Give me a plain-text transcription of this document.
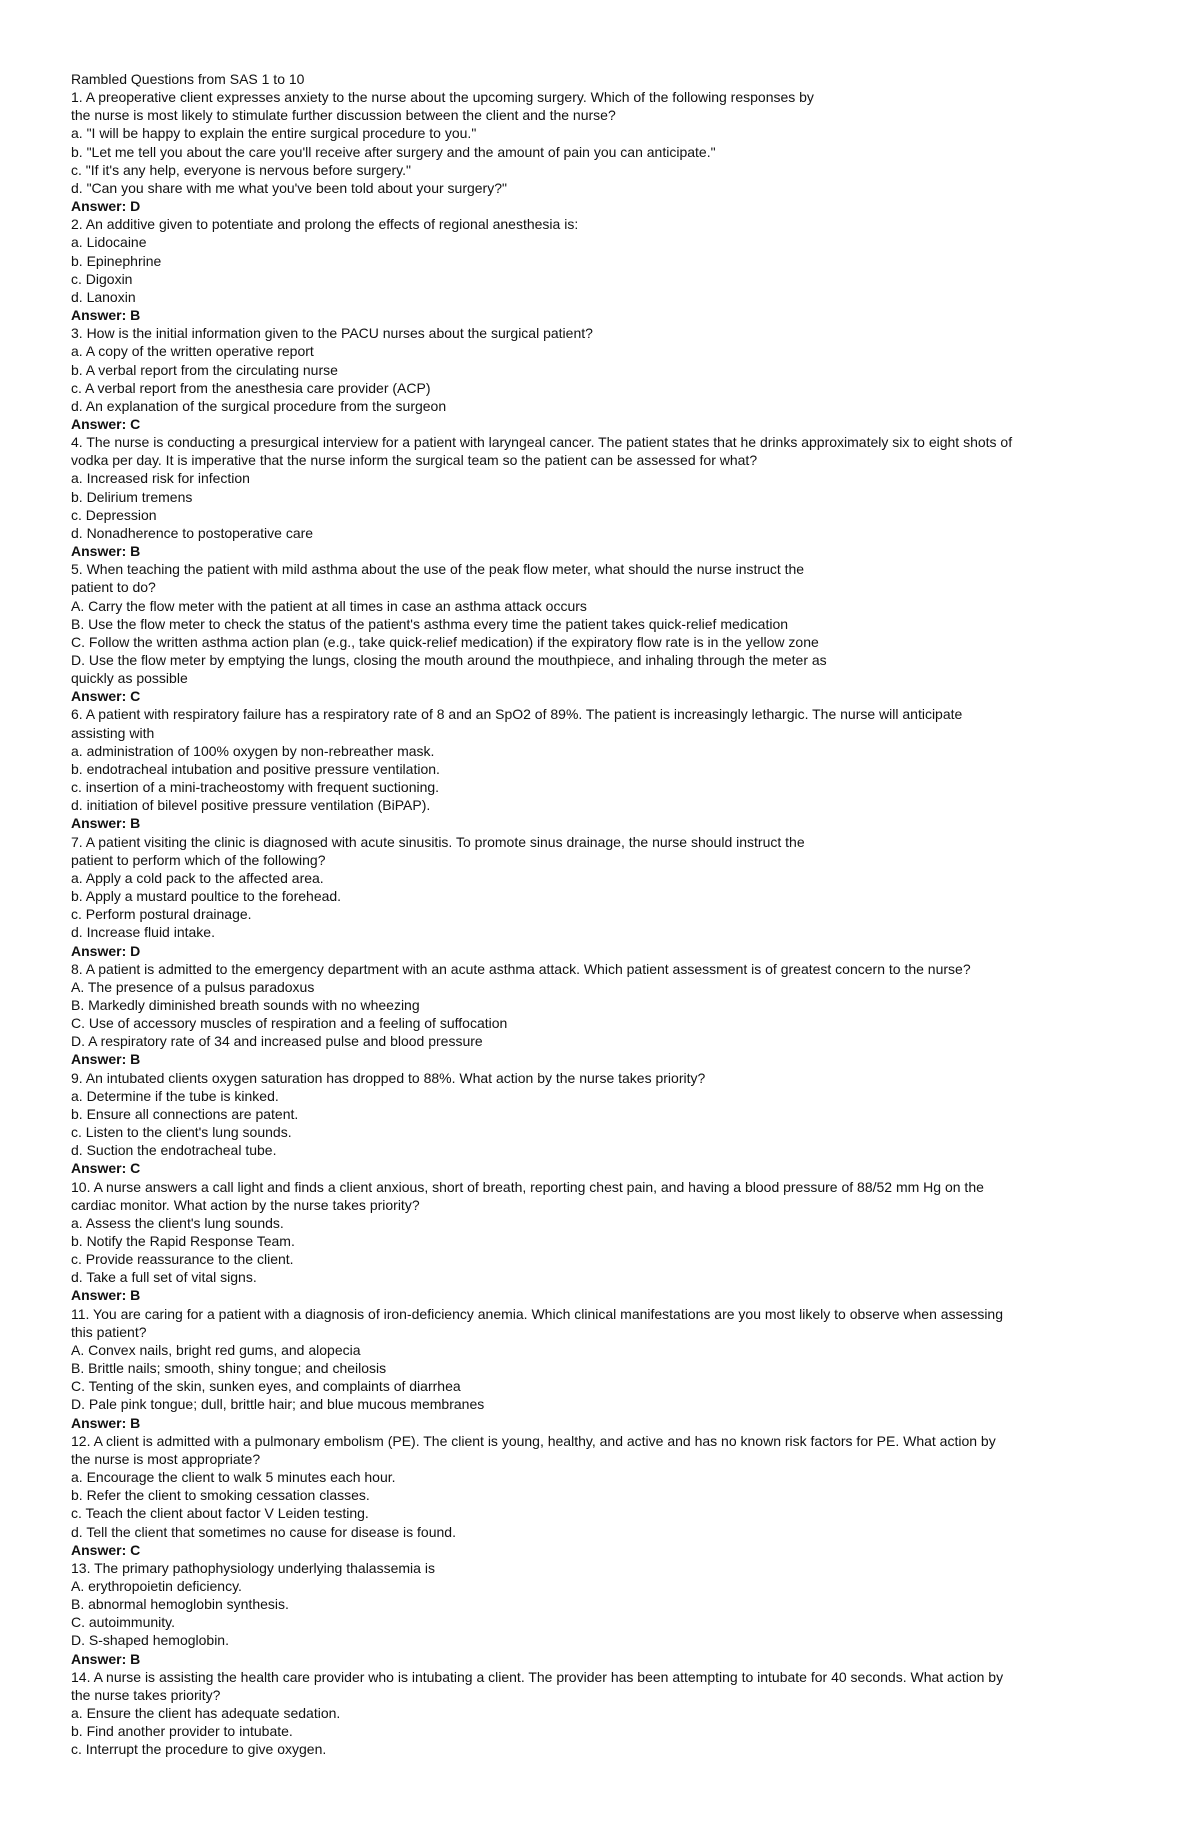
Rambled Questions from SAS 1 to 10
1. A preoperative client expresses anxiety to the nurse about the upcoming surgery. Which of the following responses by
the nurse is most likely to stimulate further discussion between the client and the nurse?
a. "I will be happy to explain the entire surgical procedure to you."
b. "Let me tell you about the care you'll receive after surgery and the amount of pain you can anticipate."
c. "If it's any help, everyone is nervous before surgery."
d. "Can you share with me what you've been told about your surgery?"
Answer: D
2. An additive given to potentiate and prolong the effects of regional anesthesia is:
a. Lidocaine
b. Epinephrine
c. Digoxin
d. Lanoxin
Answer: B
3. How is the initial information given to the PACU nurses about the surgical patient?
a. A copy of the written operative report
b. A verbal report from the circulating nurse
c. A verbal report from the anesthesia care provider (ACP)
d. An explanation of the surgical procedure from the surgeon
Answer: C
4. The nurse is conducting a presurgical interview for a patient with laryngeal cancer. The patient states that he drinks approximately six to eight shots of
vodka per day. It is imperative that the nurse inform the surgical team so the patient can be assessed for what?
a. Increased risk for infection
b. Delirium tremens
c. Depression
d. Nonadherence to postoperative care
Answer: B
5. When teaching the patient with mild asthma about the use of the peak flow meter, what should the nurse instruct the
patient to do?
A. Carry the flow meter with the patient at all times in case an asthma attack occurs
B. Use the flow meter to check the status of the patient's asthma every time the patient takes quick-relief medication
C. Follow the written asthma action plan (e.g., take quick-relief medication) if the expiratory flow rate is in the yellow zone
D. Use the flow meter by emptying the lungs, closing the mouth around the mouthpiece, and inhaling through the meter as
quickly as possible
Answer: C
6. A patient with respiratory failure has a respiratory rate of 8 and an SpO2 of 89%. The patient is increasingly lethargic. The nurse will anticipate
assisting with
a. administration of 100% oxygen by non-rebreather mask.
b. endotracheal intubation and positive pressure ventilation.
c. insertion of a mini-tracheostomy with frequent suctioning.
d. initiation of bilevel positive pressure ventilation (BiPAP).
Answer: B
7. A patient visiting the clinic is diagnosed with acute sinusitis. To promote sinus drainage, the nurse should instruct the
patient to perform which of the following?
a. Apply a cold pack to the affected area.
b. Apply a mustard poultice to the forehead.
c. Perform postural drainage.
d. Increase fluid intake.
Answer: D
8. A patient is admitted to the emergency department with an acute asthma attack. Which patient assessment is of greatest concern to the nurse?
A. The presence of a pulsus paradoxus
B. Markedly diminished breath sounds with no wheezing
C. Use of accessory muscles of respiration and a feeling of suffocation
D. A respiratory rate of 34 and increased pulse and blood pressure
Answer: B
9. An intubated clients oxygen saturation has dropped to 88%. What action by the nurse takes priority?
a. Determine if the tube is kinked.
b. Ensure all connections are patent.
c. Listen to the client's lung sounds.
d. Suction the endotracheal tube.
Answer: C
10. A nurse answers a call light and finds a client anxious, short of breath, reporting chest pain, and having a blood pressure of 88/52 mm Hg on the
cardiac monitor. What action by the nurse takes priority?
a. Assess the client's lung sounds.
b. Notify the Rapid Response Team.
c. Provide reassurance to the client.
d. Take a full set of vital signs.
Answer: B
11. You are caring for a patient with a diagnosis of iron-deficiency anemia. Which clinical manifestations are you most likely to observe when assessing
this patient?
A. Convex nails, bright red gums, and alopecia
B. Brittle nails; smooth, shiny tongue; and cheilosis
C. Tenting of the skin, sunken eyes, and complaints of diarrhea
D. Pale pink tongue; dull, brittle hair; and blue mucous membranes
Answer: B
12. A client is admitted with a pulmonary embolism (PE). The client is young, healthy, and active and has no known risk factors for PE. What action by
the nurse is most appropriate?
a. Encourage the client to walk 5 minutes each hour.
b. Refer the client to smoking cessation classes.
c. Teach the client about factor V Leiden testing.
d. Tell the client that sometimes no cause for disease is found.
Answer: C
13. The primary pathophysiology underlying thalassemia is
A. erythropoietin deficiency.
B. abnormal hemoglobin synthesis.
C. autoimmunity.
D. S-shaped hemoglobin.
Answer: B
14. A nurse is assisting the health care provider who is intubating a client. The provider has been attempting to intubate for 40 seconds. What action by
the nurse takes priority?
a. Ensure the client has adequate sedation.
b. Find another provider to intubate.
c. Interrupt the procedure to give oxygen.
